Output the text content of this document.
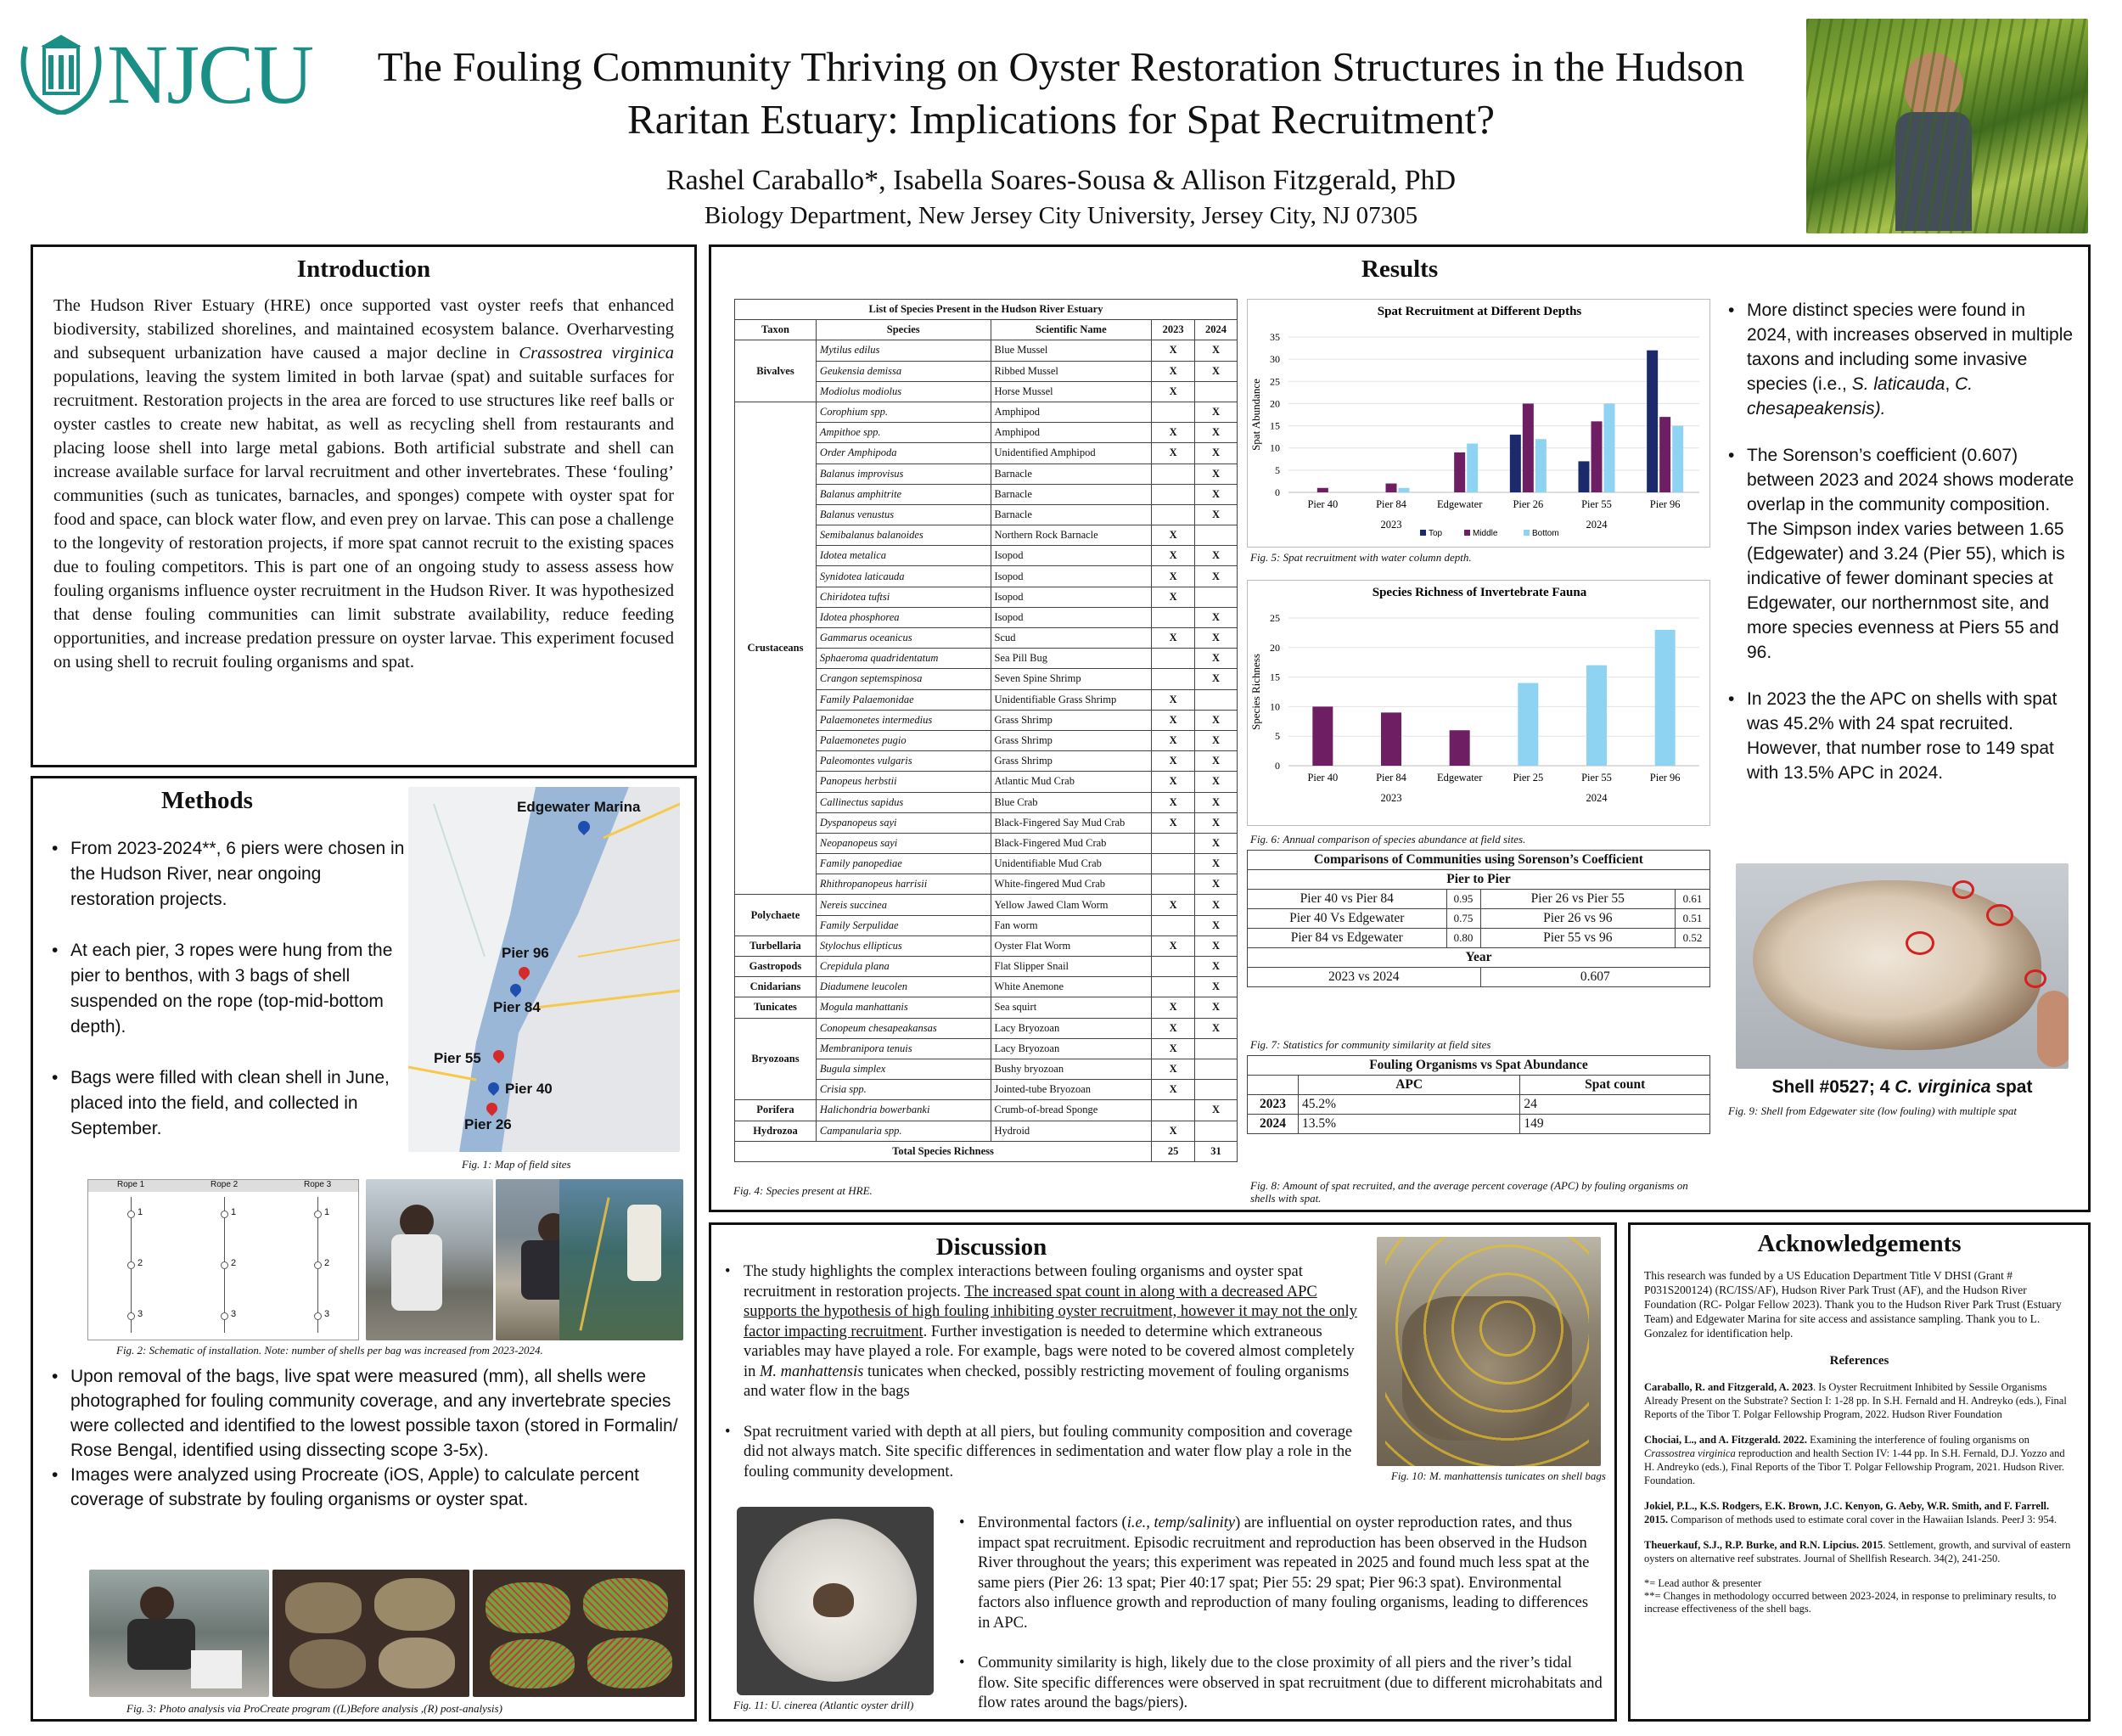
NJCU	The Fouling Community Thriving on Oyster Restoration Structures in the Hudson
Raritan Estuary: Implications for Spat Recruitment?
Rashel Caraballo*, Isabella Soares-Sousa & Allison Fitzgerald, PhD
Biology Department, New Jersey City University, Jersey City, NJ 07305
Introduction
The Hudson River Estuary (HRE) once supported vast oyster reefs that enhanced biodiversity, stabilized shorelines, and maintained ecosystem balance. Overharvesting and subsequent urbanization have caused a major decline in Crassostrea virginica populations, leaving the system limited in both larvae (spat) and suitable surfaces for recruitment. Restoration projects in the area are forced to use structures like reef balls or oyster castles to create new habitat, as well as recycling shell from restaurants and placing loose shell into large metal gabions. Both artificial substrate and shell can increase available surface for larval recruitment and other invertebrates. These ‘fouling’ communities (such as tunicates, barnacles, and sponges) compete with oyster spat for food and space, can block water flow, and even prey on larvae. This can pose a challenge to the longevity of restoration projects, if more spat cannot recruit to the existing spaces due to fouling competitors. This is part one of an ongoing study to assess assess how fouling organisms influence oyster recruitment in the Hudson River. It was hypothesized that dense fouling communities can limit substrate availability, reduce feeding opportunities, and increase predation pressure on oyster larvae. This experiment focused on using shell to recruit fouling organisms and spat.
Methods
• From 2023-2024**, 6 piers were chosen in the Hudson River, near ongoing restoration projects.
• At each pier, 3 ropes were hung from the pier to benthos, with 3 bags of shell suspended on the rope (top-mid-bottom depth).
• Bags were filled with clean shell in June, placed into the field, and collected in September.
Edgewater Marina
Pier 96
Pier 84
Pier 55
Pier 40
Pier 26
Fig. 1: Map of field sites
Rope 1	Rope 2	Rope 3
1
2
3
1
2
3
1
2
3
Fig. 2: Schematic of installation. Note: number of shells per bag was increased from 2023-2024.
• Upon removal of the bags, live spat were measured (mm), all shells were photographed for fouling community coverage, and any invertebrate species were collected and identified to the lowest possible taxon (stored in Formalin/ Rose Bengal, identified using dissecting scope 3-5x).
• Images were analyzed using Procreate (iOS, Apple) to calculate percent coverage of substrate by fouling organisms or oyster spat.
Fig. 3: Photo analysis via ProCreate program ((L)Before analysis ,(R) post-analysis)
Results
List of Species Present in the Hudson River Estuary				
Taxon	Species	Scientific Name	2023	2024
Bivalves	Mytilus edilus	Blue Mussel	X	X
	Geukensia demissa	Ribbed Mussel	X	X
	Modiolus modiolus	Horse Mussel	X	
Crustaceans	Corophium spp.	Amphipod		X
	Ampithoe spp.	Amphipod	X	X
	Order Amphipoda	Unidentified Amphipod	X	X
	Balanus improvisus	Barnacle		X
	Balanus amphitrite	Barnacle		X
	Balanus venustus	Barnacle		X
	Semibalanus balanoides	Northern Rock Barnacle	X	
	Idotea metalica	Isopod	X	X
	Synidotea laticauda	Isopod	X	X
	Chiridotea tuftsi	Isopod	X	
	Idotea phosphorea	Isopod		X
	Gammarus oceanicus	Scud	X	X
	Sphaeroma quadridentatum	Sea Pill Bug		X
	Crangon septemspinosa	Seven Spine Shrimp		X
	Family Palaemonidae	Unidentifiable Grass Shrimp	X	
	Palaemonetes intermedius	Grass Shrimp	X	X
	Palaemonetes pugio	Grass Shrimp	X	X
	Paleomontes vulgaris	Grass Shrimp	X	X
	Panopeus herbstii	Atlantic Mud Crab	X	X
	Callinectus sapidus	Blue Crab	X	X
	Dyspanopeus sayi	Black-Fingered Say Mud Crab	X	X
	Neopanopeus sayi	Black-Fingered Mud Crab		X
	Family panopediae	Unidentifiable Mud Crab		X
	Rhithropanopeus harrisii	White-fingered Mud Crab		X
Polychaete	Nereis succinea	Yellow Jawed Clam Worm	X	X
	Family Serpulidae	Fan worm		X
Turbellaria	Stylochus ellipticus	Oyster Flat Worm	X	X
Gastropods	Crepidula plana	Flat Slipper Snail		X
Cnidarians	Diadumene leucolen	White Anemone		X
Tunicates	Mogula manhattanis	Sea squirt	X	X
Bryozoans	Conopeum chesapeakansas	Lacy Bryozoan	X	X
	Membranipora tenuis	Lacy Bryozoan	X	
	Bugula simplex	Bushy bryozoan	X	
	Crisia spp.	Jointed-tube Bryozoan	X	
Porifera	Halichondria bowerbanki	Crumb-of-bread Sponge		X
Hydrozoa	Campanularia spp.	Hydroid	X	
Total Species Richness			25	31
Fig. 4: Species present at HRE.
Spat Recruitment at Different Depths
0
5
10
15
20
25
30
35
Spat Abundance
Pier 40	Pier 84	Edgewater	Pier 26	Pier 55	Pier 96
2023	2024
Top	Middle	Bottom
Fig. 5: Spat recruitment with water column depth.
Species Richness of Invertebrate Fauna
0
5
10
15
20
25
Species Richness
Pier 40	Pier 84	Edgewater	Pier 25	Pier 55	Pier 96
2023	2024
Fig. 6: Annual comparison of species abundance at field sites.
Comparisons of Communities using Sorenson’s Coefficient			
Pier to Pier			
Pier 40 vs Pier 84	0.95	Pier 26 vs Pier 55	0.61
Pier 40 Vs Edgewater	0.75	Pier 26 vs 96	0.51
Pier 84 vs Edgewater	0.80	Pier 55 vs 96	0.52
Year			
2023 vs 2024		0.607	
Fig. 7: Statistics for community similarity at field sites
Fouling Organisms vs Spat Abundance		
	APC	Spat count
2023	45.2%	24
2024	13.5%	149
Fig. 8: Amount of spat recruited, and the average percent coverage (APC) by fouling organisms on shells with spat.
• More distinct species were found in 2024, with increases observed in multiple taxons and including some invasive species (i.e., S. laticauda, C. chesapeakensis).
• The Sorenson’s coefficient (0.607) between 2023 and 2024 shows moderate overlap in the community composition. The Simpson index varies between 1.65 (Edgewater) and 3.24 (Pier 55), which is indicative of fewer dominant species at Edgewater, our northernmost site, and more species evenness at Piers 55 and 96.
• In 2023 the the APC on shells with spat was 45.2% with 24 spat recruited. However, that number rose to 149 spat with 13.5% APC in 2024.
Shell #0527; 4 C. virginica spat
Fig. 9: Shell from Edgewater site (low fouling) with multiple spat
Discussion
• The study highlights the complex interactions between fouling organisms and oyster spat recruitment in restoration projects. The increased spat count in along with a decreased APC supports the hypothesis of high fouling inhibiting oyster recruitment, however it may not the only factor impacting recruitment. Further investigation is needed to determine which extraneous variables may have played a role. For example, bags were noted to be covered almost completely in M. manhattensis tunicates when checked, possibly restricting movement of fouling organisms and water flow in the bags
• Spat recruitment varied with depth at all piers, but fouling community composition and coverage did not always match. Site specific differences in sedimentation and water flow play a role in the fouling community development.	Fig. 10: M. manhattensis tunicates on shell bags
Fig. 11: U. cinerea (Atlantic oyster drill)
• Environmental factors (i.e., temp/salinity) are influential on oyster reproduction rates, and thus impact spat recruitment. Episodic recruitment and reproduction has been observed in the Hudson River throughout the years; this experiment was repeated in 2025 and found much less spat at the same piers (Pier 26: 13 spat; Pier 40:17 spat; Pier 55: 29 spat; Pier 96:3 spat). Environmental factors also influence growth and reproduction of many fouling organisms, leading to differences in APC.
• Community similarity is high, likely due to the close proximity of all piers and the river’s tidal flow. Site specific differences were observed in spat recruitment (due to different microhabitats and flow rates around the bags/piers).
Acknowledgements
This research was funded by a US Education Department Title V DHSI (Grant # P031S200124) (RC/ISS/AF), Hudson River Park Trust (AF), and the Hudson River Foundation (RC- Polgar Fellow 2023). Thank you to the Hudson River Park Trust (Estuary Team) and Edgewater Marina for site access and assistance sampling. Thank you to L. Gonzalez for identification help.
References
Caraballo, R. and Fitzgerald, A. 2023. Is Oyster Recruitment Inhibited by Sessile Organisms Already Present on the Substrate? Section I: 1-28 pp. In S.H. Fernald and H. Andreyko (eds.), Final Reports of the Tibor T. Polgar Fellowship Program, 2022. Hudson River Foundation
Chociai, L., and A. Fitzgerald. 2022. Examining the interference of fouling organisms on Crassostrea virginica reproduction and health Section IV: 1-44 pp. In S.H. Fernald, D.J. Yozzo and H. Andreyko (eds.), Final Reports of the Tibor T. Polgar Fellowship Program, 2021. Hudson River. Foundation.
Jokiel, P.L., K.S. Rodgers, E.K. Brown, J.C. Kenyon, G. Aeby, W.R. Smith, and F. Farrell. 2015. Comparison of methods used to estimate coral cover in the Hawaiian Islands. PeerJ 3: 954.
Theuerkauf, S.J., R.P. Burke, and R.N. Lipcius. 2015. Settlement, growth, and survival of eastern oysters on alternative reef substrates. Journal of Shellfish Research. 34(2), 241-250.
*= Lead author & presenter
**= Changes in methodology occurred between 2023-2024, in response to preliminary results, to increase effectiveness of the shell bags.
